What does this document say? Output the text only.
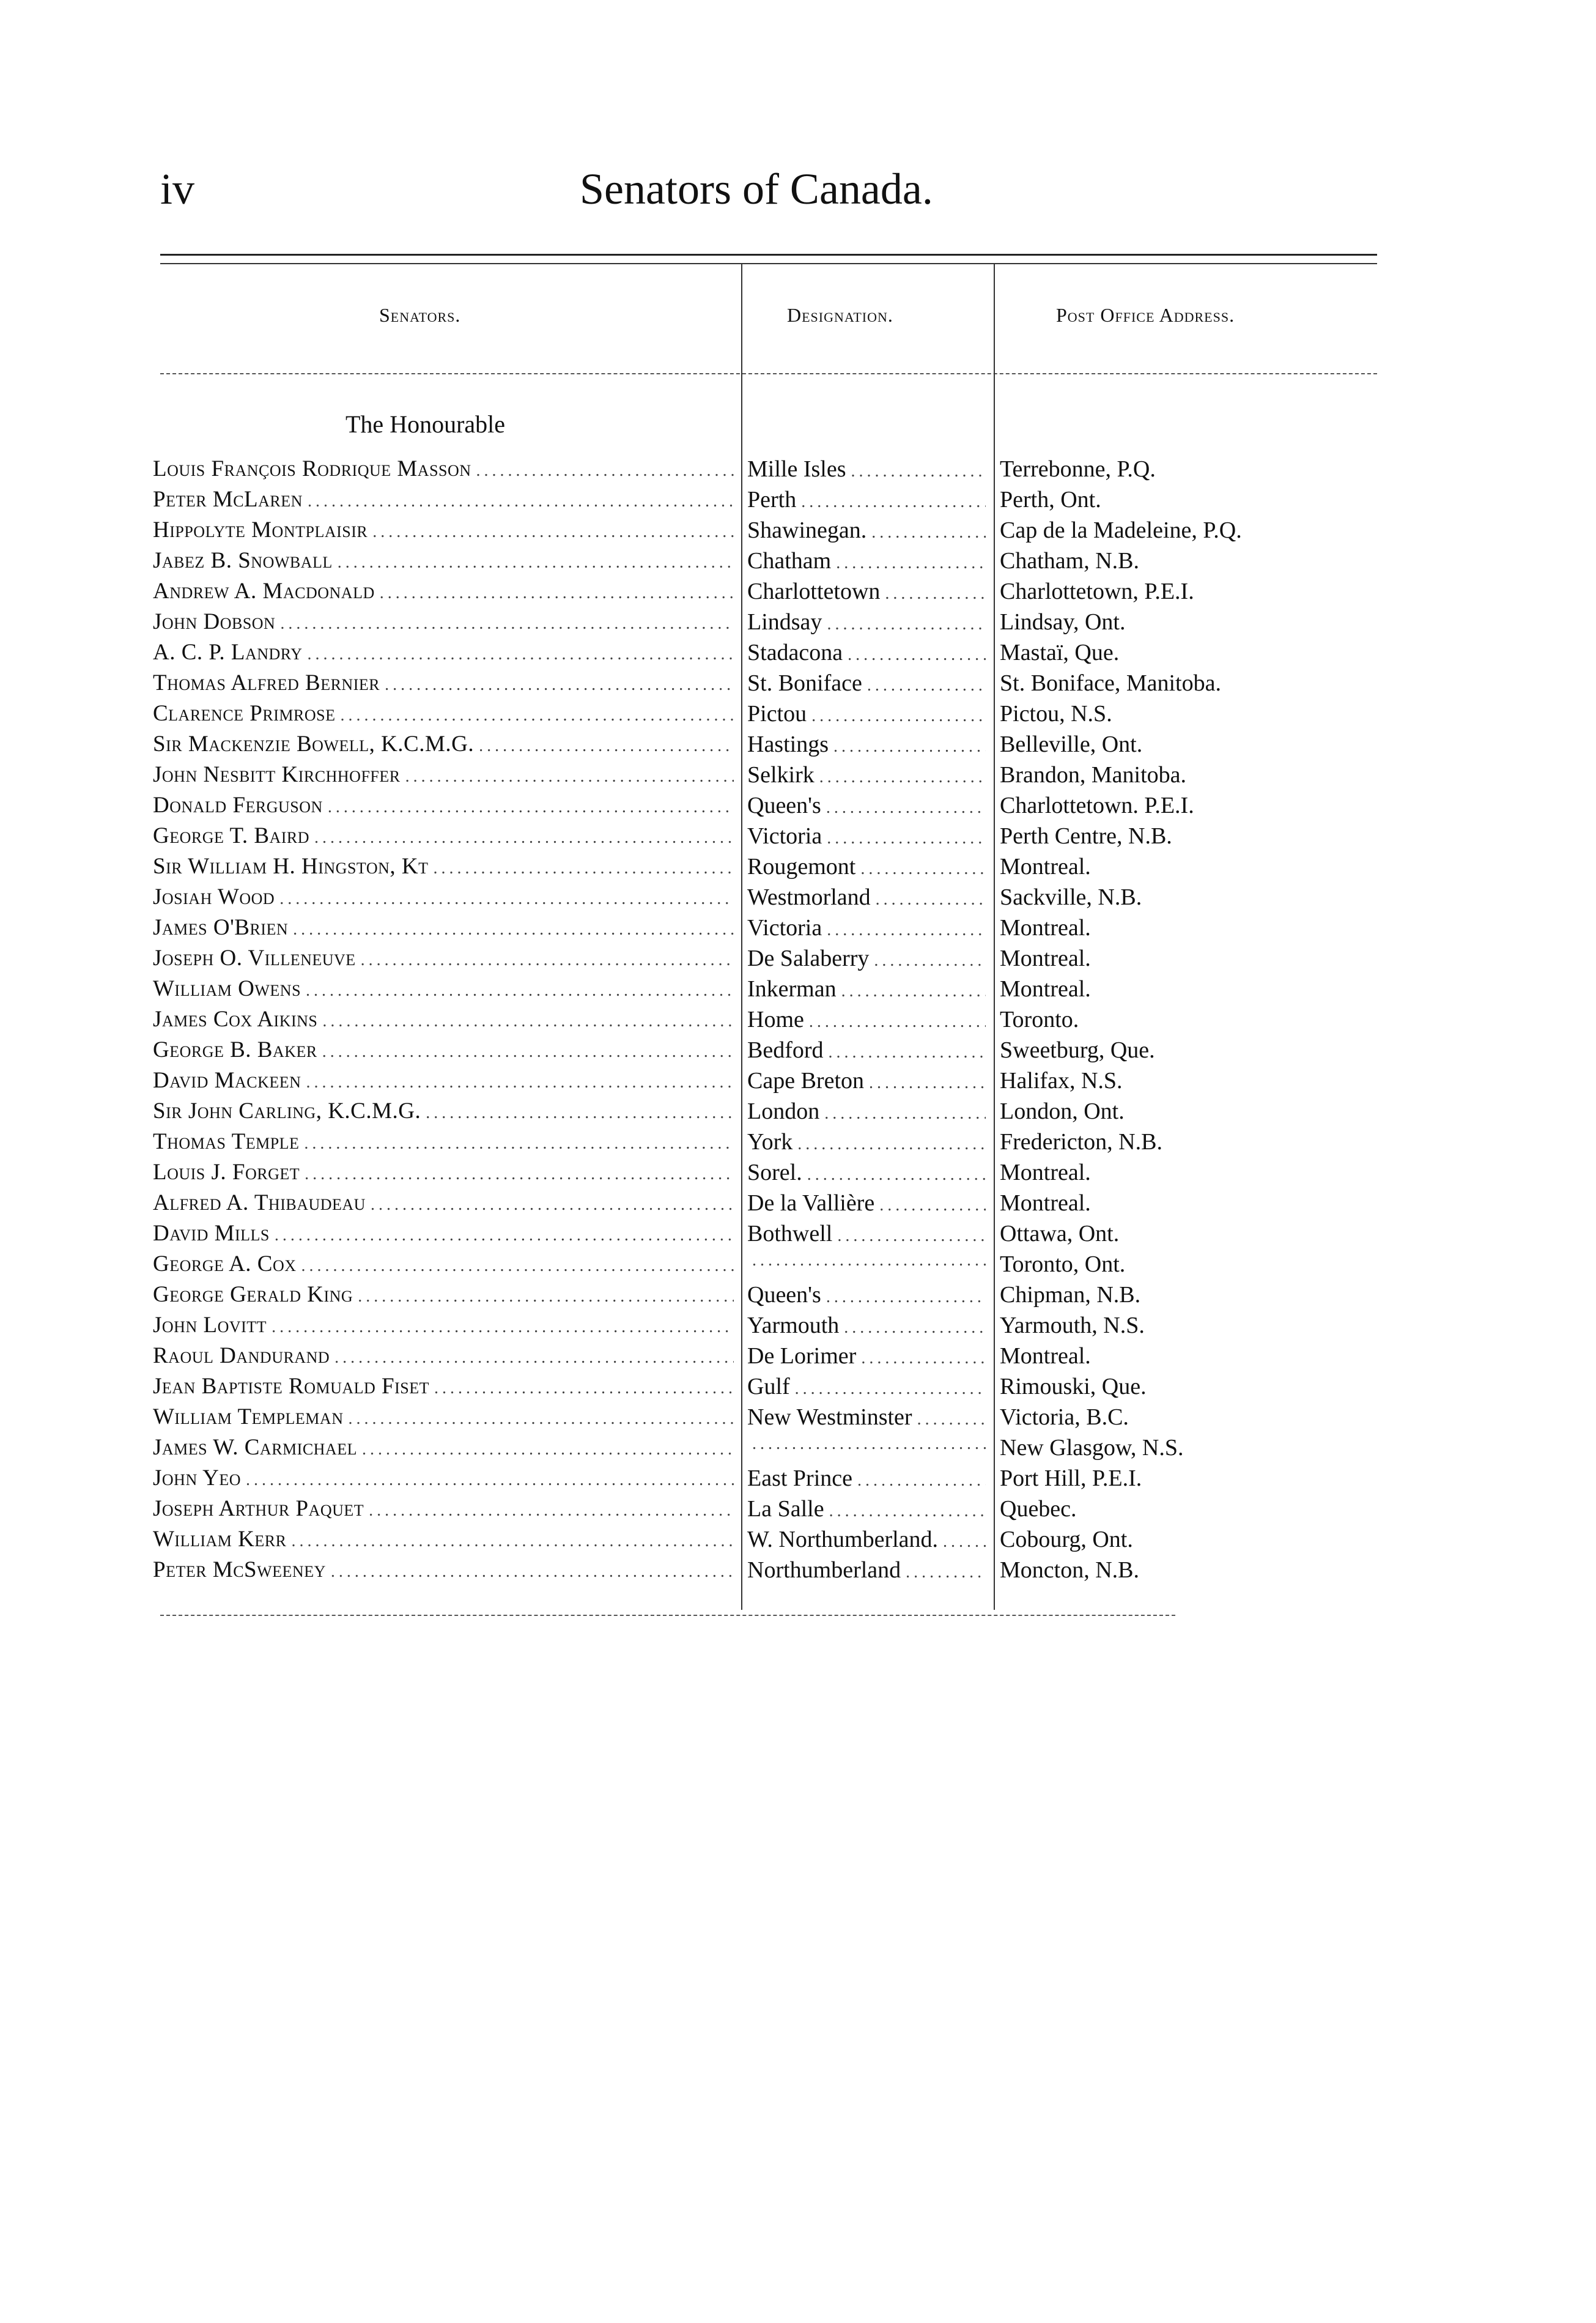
iv	Senators of Canada.
Senators.	Designation.	Post Office Address.
The Honourable
Louis François Rodrique Masson .....	Mille Isles .....	Terrebonne, P.Q.
Peter McLaren .....	Perth .....	Perth, Ont.
Hippolyte Montplaisir .....	Shawinegan. .....	Cap de la Madeleine, P.Q.
Jabez B. Snowball .....	Chatham .....	Chatham, N.B.
Andrew A. Macdonald .....	Charlottetown .....	Charlottetown, P.E.I.
John Dobson .....	Lindsay .....	Lindsay, Ont.
A. C. P. Landry .....	Stadacona .....	Mastaï, Que.
Thomas Alfred Bernier .....	St. Boniface .....	St. Boniface, Manitoba.
Clarence Primrose .....	Pictou .....	Pictou, N.S.
Sir Mackenzie Bowell, K.C.M.G. .....	Hastings .....	Belleville, Ont.
John Nesbitt Kirchhoffer .....	Selkirk .....	Brandon, Manitoba.
Donald Ferguson .....	Queen's .....	Charlottetown. P.E.I.
George T. Baird .....	Victoria .....	Perth Centre, N.B.
Sir William H. Hingston, Kt .....	Rougemont .....	Montreal.
Josiah Wood .....	Westmorland .....	Sackville, N.B.
James O'Brien .....	Victoria .....	Montreal.
Joseph O. Villeneuve .....	De Salaberry .....	Montreal.
William Owens .....	Inkerman .....	Montreal.
James Cox Aikins .....	Home .....	Toronto.
George B. Baker .....	Bedford .....	Sweetburg, Que.
David Mackeen .....	Cape Breton .....	Halifax, N.S.
Sir John Carling, K.C.M.G. .....	London .....	London, Ont.
Thomas Temple .....	York .....	Fredericton, N.B.
Louis J. Forget .....	Sorel. .....	Montreal.
Alfred A. Thibaudeau .....	De la Vallière .....	Montreal.
David Mills .....	Bothwell .....	Ottawa, Ont.
George A. Cox ..... .....	Toronto, Ont.
George Gerald King .....	Queen's .....	Chipman, N.B.
John Lovitt .....	Yarmouth .....	Yarmouth, N.S.
Raoul Dandurand .....	De Lorimer .....	Montreal.
Jean Baptiste Romuald Fiset .....	Gulf .....	Rimouski, Que.
William Templeman .....	New Westminster .....	Victoria, B.C.
James W. Carmichael ..... .....	New Glasgow, N.S.
John Yeo .....	East Prince .....	Port Hill, P.E.I.
Joseph Arthur Paquet .....	La Salle .....	Quebec.
William Kerr .....	W. Northumberland. .....	Cobourg, Ont.
Peter McSweeney .....	Northumberland .....	Moncton, N.B.
